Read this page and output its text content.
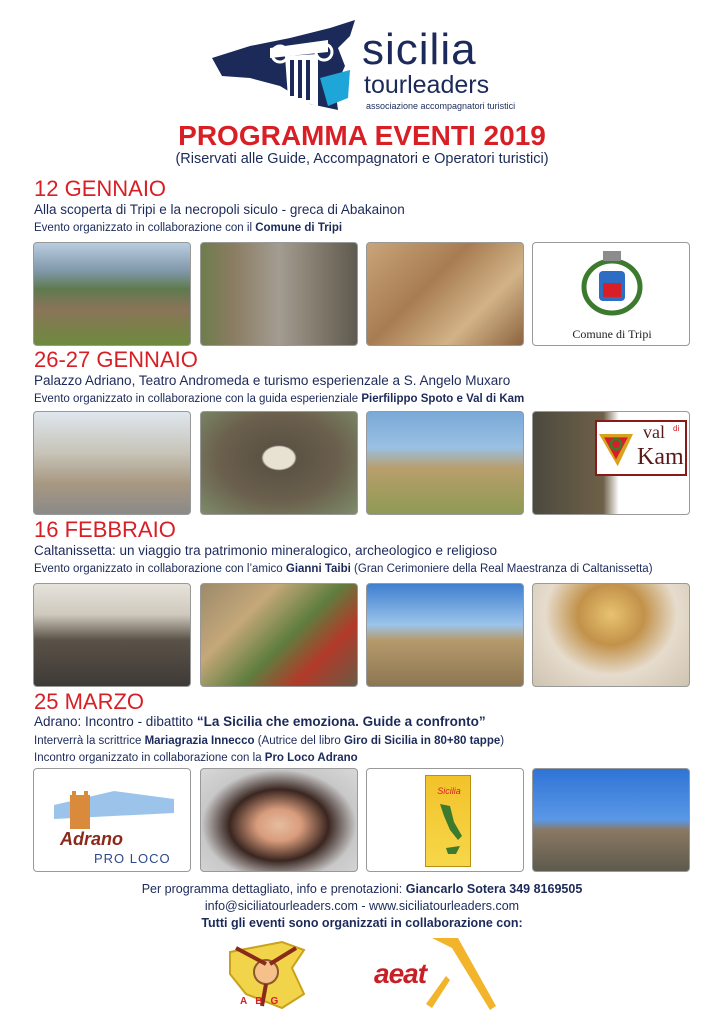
sicilia
tourleaders
associazione accompagnatori turistici
PROGRAMMA EVENTI 2019
(Riservati alle Guide, Accompagnatori e Operatori turistici)
12 GENNAIO
Alla scoperta di Tripi e la necropoli siculo - greca di Abakainon
Evento organizzato in collaborazione con il Comune di Tripi
Comune di Tripi
26-27 GENNAIO
Palazzo Adriano, Teatro Andromeda e turismo esperienzale a S. Angelo Muxaro
Evento organizzato in collaborazione con la guida esperienziale Pierfilippo Spoto e Val di Kam
val di
Kam
16 FEBBRAIO
Caltanissetta: un viaggio tra patrimonio mineralogico, archeologico e religioso
Evento organizzato in collaborazione con l’amico Gianni Taibi (Gran Cerimoniere della Real Maestranza di Caltanissetta)
25 MARZO
Adrano: Incontro - dibattito “La Sicilia che emoziona. Guide a confronto”
Interverrà la scrittrice Mariagrazia Innecco (Autrice del libro Giro di Sicilia in 80+80 tappe)
Incontro organizzato in collaborazione con la Pro Loco Adrano
Adrano
PRO LOCO
Sicilia
Per programma dettagliato, info e prenotazioni: Giancarlo Sotera 349 8169505
info@siciliatourleaders.com - www.siciliatourleaders.com
Tutti gli eventi sono organizzati in collaborazione con:
ABG
aeat
